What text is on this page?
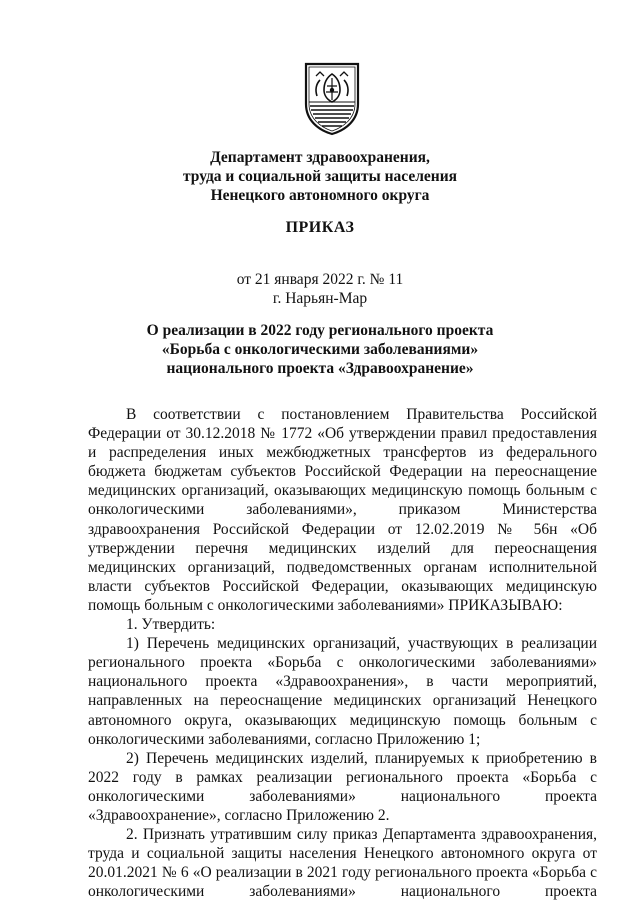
Департамент здравоохранения,
труда и социальной защиты населения
Ненецкого автономного округа
ПРИКАЗ
от 21 января 2022 г. № 11
г. Нарьян-Мар
О реализации в 2022 году регионального проекта
«Борьба с онкологическими заболеваниями»
национального проекта «Здравоохранение»

В соответствии с постановлением Правительства Российской Федерации от 30.12.2018 № 1772 «Об утверждении правил предоставления и распределения иных межбюджетных трансфертов из федерального бюджета бюджетам субъектов Российской Федерации на переоснащение медицинских организаций, оказывающих медицинскую помощь больным с онкологическими заболеваниями», приказом Министерства здравоохранения Российской Федерации от 12.02.2019 № 56н «Об утверждении перечня медицинских изделий для переоснащения медицинских организаций, подведомственных органам исполнительной власти субъектов Российской Федерации, оказывающих медицинскую помощь больным с онкологическими заболеваниями» ПРИКАЗЫВАЮ:

1. Утвердить:

1) Перечень медицинских организаций, участвующих в реализации регионального проекта «Борьба с онкологическими заболеваниями» национального проекта «Здравоохранения», в части мероприятий, направленных на переоснащение медицинских организаций Ненецкого автономного округа, оказывающих медицинскую помощь больным с онкологическими заболеваниями, согласно Приложению 1;

2) Перечень медицинских изделий, планируемых к приобретению в 2022 году в рамках реализации регионального проекта «Борьба с онкологическими заболеваниями» национального проекта «Здравоохранение», согласно Приложению 2.

2. Признать утратившим силу приказ Департамента здравоохранения, труда и социальной защиты населения Ненецкого автономного округа от 20.01.2021 № 6 «О реализации в 2021 году регионального проекта «Борьба с онкологическими заболеваниями» национального проекта
